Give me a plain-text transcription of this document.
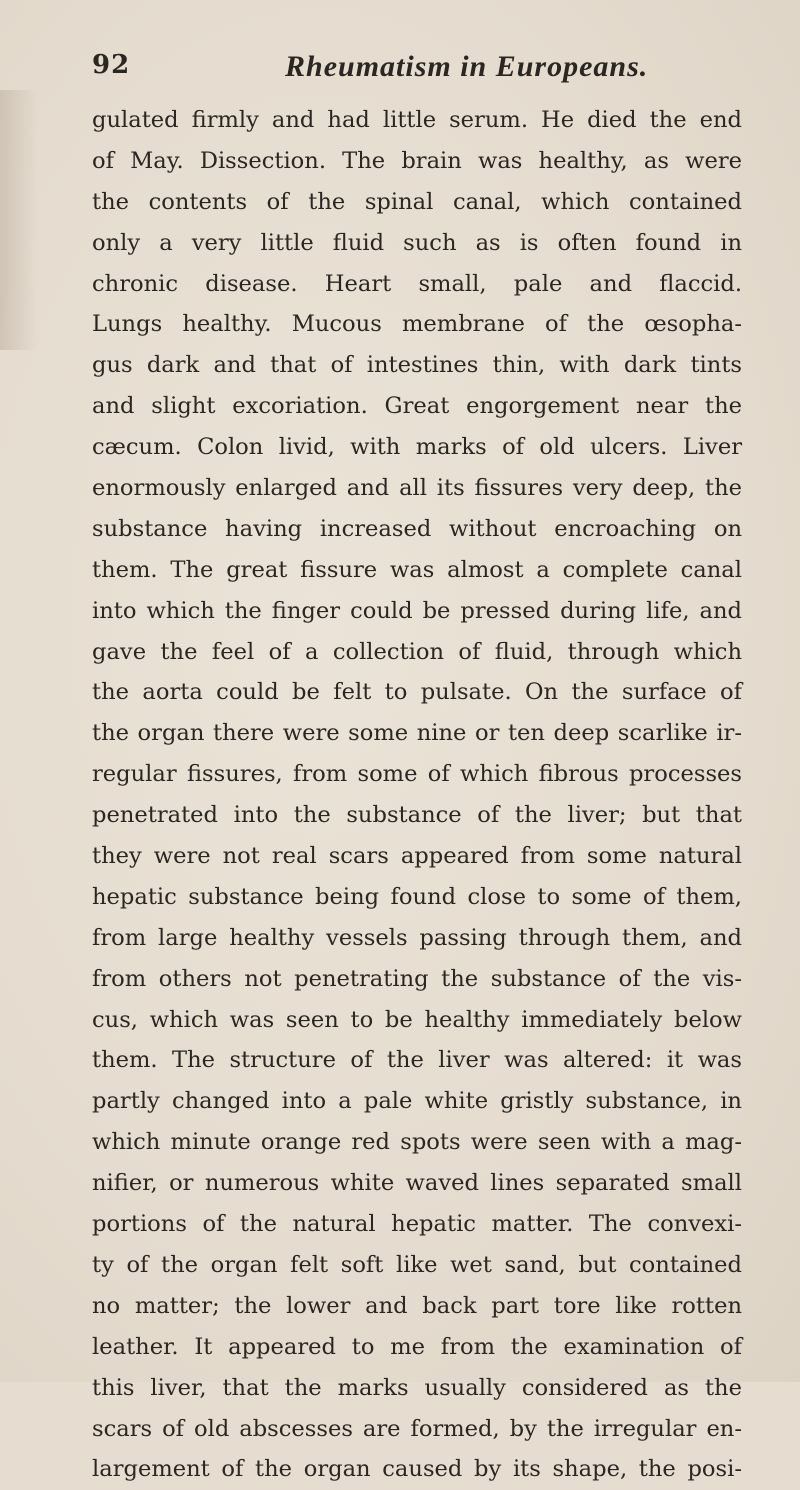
92	Rheumatism in Europeans.
gulated firmly and had little serum. He died the end
of May. Dissection. The brain was healthy, as were
the contents of the spinal canal, which contained
only a very little fluid such as is often found in
chronic disease. Heart small, pale and flaccid.
Lungs healthy. Mucous membrane of the œsopha-
gus dark and that of intestines thin, with dark tints
and slight excoriation. Great engorgement near the
cæcum. Colon livid, with marks of old ulcers. Liver
enormously enlarged and all its fissures very deep, the
substance having increased without encroaching on
them. The great fissure was almost a complete canal
into which the finger could be pressed during life, and
gave the feel of a collection of fluid, through which
the aorta could be felt to pulsate. On the surface of
the organ there were some nine or ten deep scarlike ir-
regular fissures, from some of which fibrous processes
penetrated into the substance of the liver; but that
they were not real scars appeared from some natural
hepatic substance being found close to some of them,
from large healthy vessels passing through them, and
from others not penetrating the substance of the vis-
cus, which was seen to be healthy immediately below
them. The structure of the liver was altered: it was
partly changed into a pale white gristly substance, in
which minute orange red spots were seen with a mag-
nifier, or numerous white waved lines separated small
portions of the natural hepatic matter. The convexi-
ty of the organ felt soft like wet sand, but contained
no matter; the lower and back part tore like rotten
leather. It appeared to me from the examination of
this liver, that the marks usually considered as the
scars of old abscesses are formed, by the irregular en-
largement of the organ caused by its shape, the posi-
